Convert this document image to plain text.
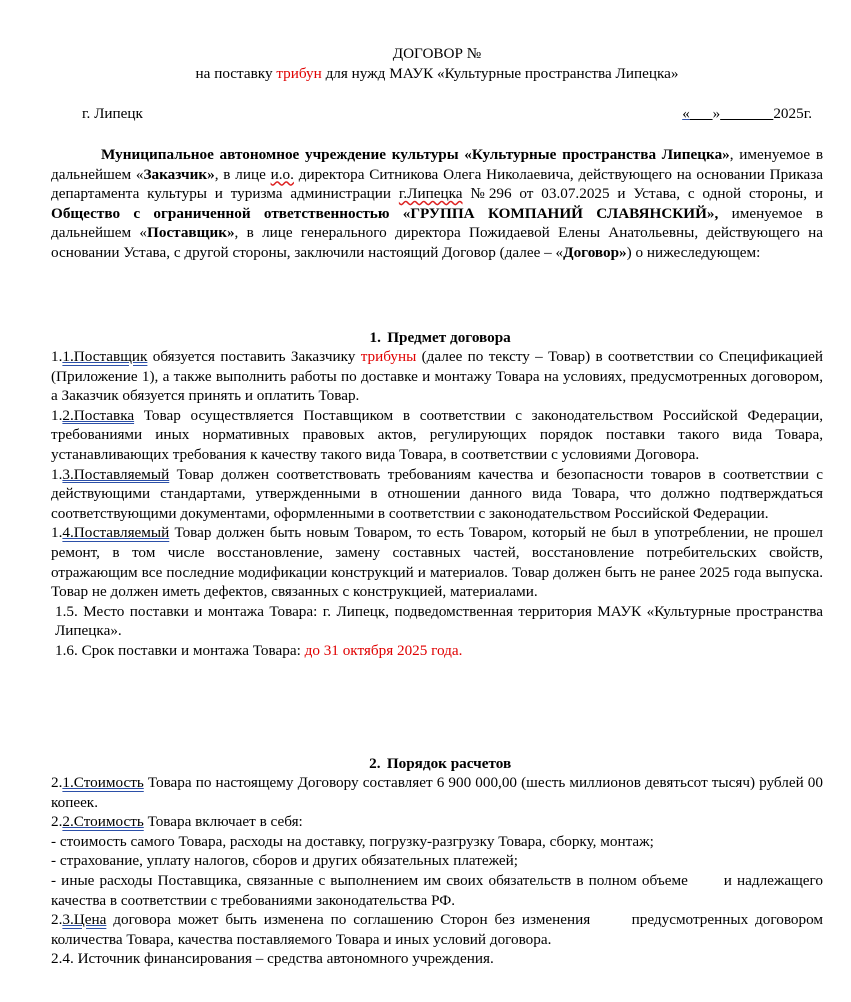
ДОГОВОР №
на поставку трибун для нужд МАУК «Культурные пространства Липецка»
г. Липецк	« »	2025г.
Муниципальное автономное учреждение культуры «Культурные пространства Липецка», именуемое в дальнейшем «Заказчик», в лице и.о. директора Ситникова Олега Николаевича, действующего на основании Приказа департамента культуры и туризма администрации г.Липецка №296 от 03.07.2025 и Устава, с одной стороны, и Общество с ограниченной ответственностью «ГРУППА КОМПАНИЙ СЛАВЯНСКИЙ», именуемое в дальнейшем «Поставщик», в лице генерального директора Пожидаевой Елены Анатольевны, действующего на основании Устава, с другой стороны, заключили настоящий Договор (далее – «Договор») о нижеследующем:
1. Предмет договора
1.1.Поставщик обязуется поставить Заказчику трибуны (далее по тексту – Товар) в соответствии со Спецификацией (Приложение 1), а также выполнить работы по доставке и монтажу Товара на условиях, предусмотренных договором, а Заказчик обязуется принять и оплатить Товар.
1.2.Поставка Товар осуществляется Поставщиком в соответствии с законодательством Российской Федерации, требованиями иных нормативных правовых актов, регулирующих порядок поставки такого вида Товара, устанавливающих требования к качеству такого вида Товара, в соответствии с условиями Договора.
1.3.Поставляемый Товар должен соответствовать требованиям качества и безопасности товаров в соответствии с действующими стандартами, утвержденными в отношении данного вида Товара, что должно подтверждаться соответствующими документами, оформленными в соответствии с законодательством Российской Федерации.
1.4.Поставляемый Товар должен быть новым Товаром, то есть Товаром, который не был в употреблении, не прошел ремонт, в том числе восстановление, замену составных частей, восстановление потребительских свойств, отражающим все последние модификации конструкций и материалов. Товар должен быть не ранее 2025 года выпуска. Товар не должен иметь дефектов, связанных с конструкцией, материалами.
1.5. Место поставки и монтажа Товара: г. Липецк, подведомственная территория МАУК «Культурные пространства Липецка».
1.6. Срок поставки и монтажа Товара: до 31 октября 2025 года.
2. Порядок расчетов
2.1.Стоимость Товара по настоящему Договору составляет 6 900 000,00 (шесть миллионов девятьсот тысяч) рублей 00 копеек.
2.2.Стоимость Товара включает в себя:
- стоимость самого Товара, расходы на доставку, погрузку-разгрузку Товара, сборку, монтаж;
- страхование, уплату налогов, сборов и других обязательных платежей;
- иные расходы Поставщика, связанные с выполнением им своих обязательств в полном объеме       и надлежащего качества в соответствии с требованиями законодательства РФ.
2.3.Цена договора может быть изменена по соглашению Сторон без изменения      предусмотренных договором количества Товара, качества поставляемого Товара и иных условий договора.
2.4. Источник финансирования – средства автономного учреждения.
